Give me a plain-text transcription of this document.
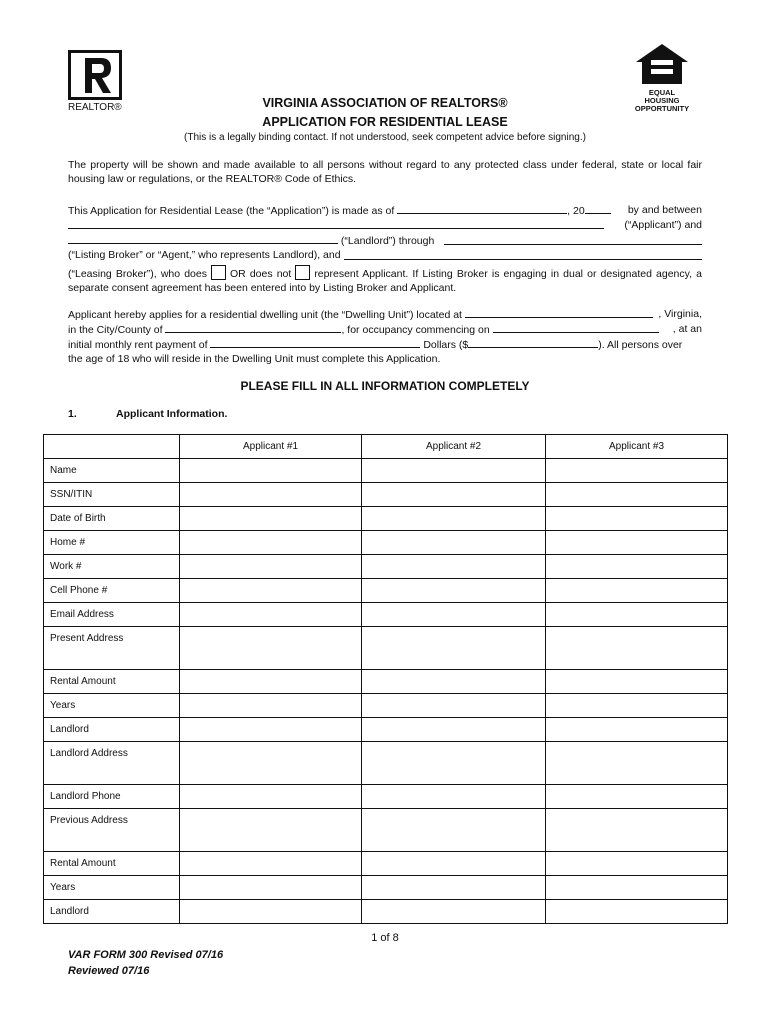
REALTOR®
EQUAL HOUSING
OPPORTUNITY
VIRGINIA ASSOCIATION OF REALTORS®
APPLICATION FOR RESIDENTIAL LEASE
(This is a legally binding contact. If not understood, seek competent advice before signing.)
The property will be shown and made available to all persons without regard to any protected class under federal, state or local fair housing law or regulations, or the REALTOR® Code of Ethics.
This Application for Residential Lease (the “Application”) is made as of	, 20	by and between

(“Applicant”) and

(“Landlord”) through

(“Listing Broker” or “Agent,” who represents Landlord), and

(“Leasing Broker”), who does OR does not represent Applicant. If Listing Broker is engaging in dual or designated agency, a separate consent agreement has been entered into by Listing Broker and Applicant.
Applicant hereby applies for a residential dwelling unit (the “Dwelling Unit”) located at	, Virginia,

in the City/County of	, for occupancy commencing on	, at an

initial monthly rent payment of	Dollars ($	). All persons over
the age of 18 who will reside in the Dwelling Unit must complete this Application.
PLEASE FILL IN ALL INFORMATION COMPLETELY
1.	Applicant Information.
	Applicant #1	Applicant #2	Applicant #3
Name			
SSN/ITIN			
Date of Birth			
Home #			
Work #			
Cell Phone #			
Email Address			
Present Address			
Rental Amount			
Years			
Landlord			
Landlord Address			
Landlord Phone			
Previous Address			
Rental Amount			
Years			
Landlord			
1 of 8
VAR FORM 300 Revised 07/16
Reviewed 07/16
